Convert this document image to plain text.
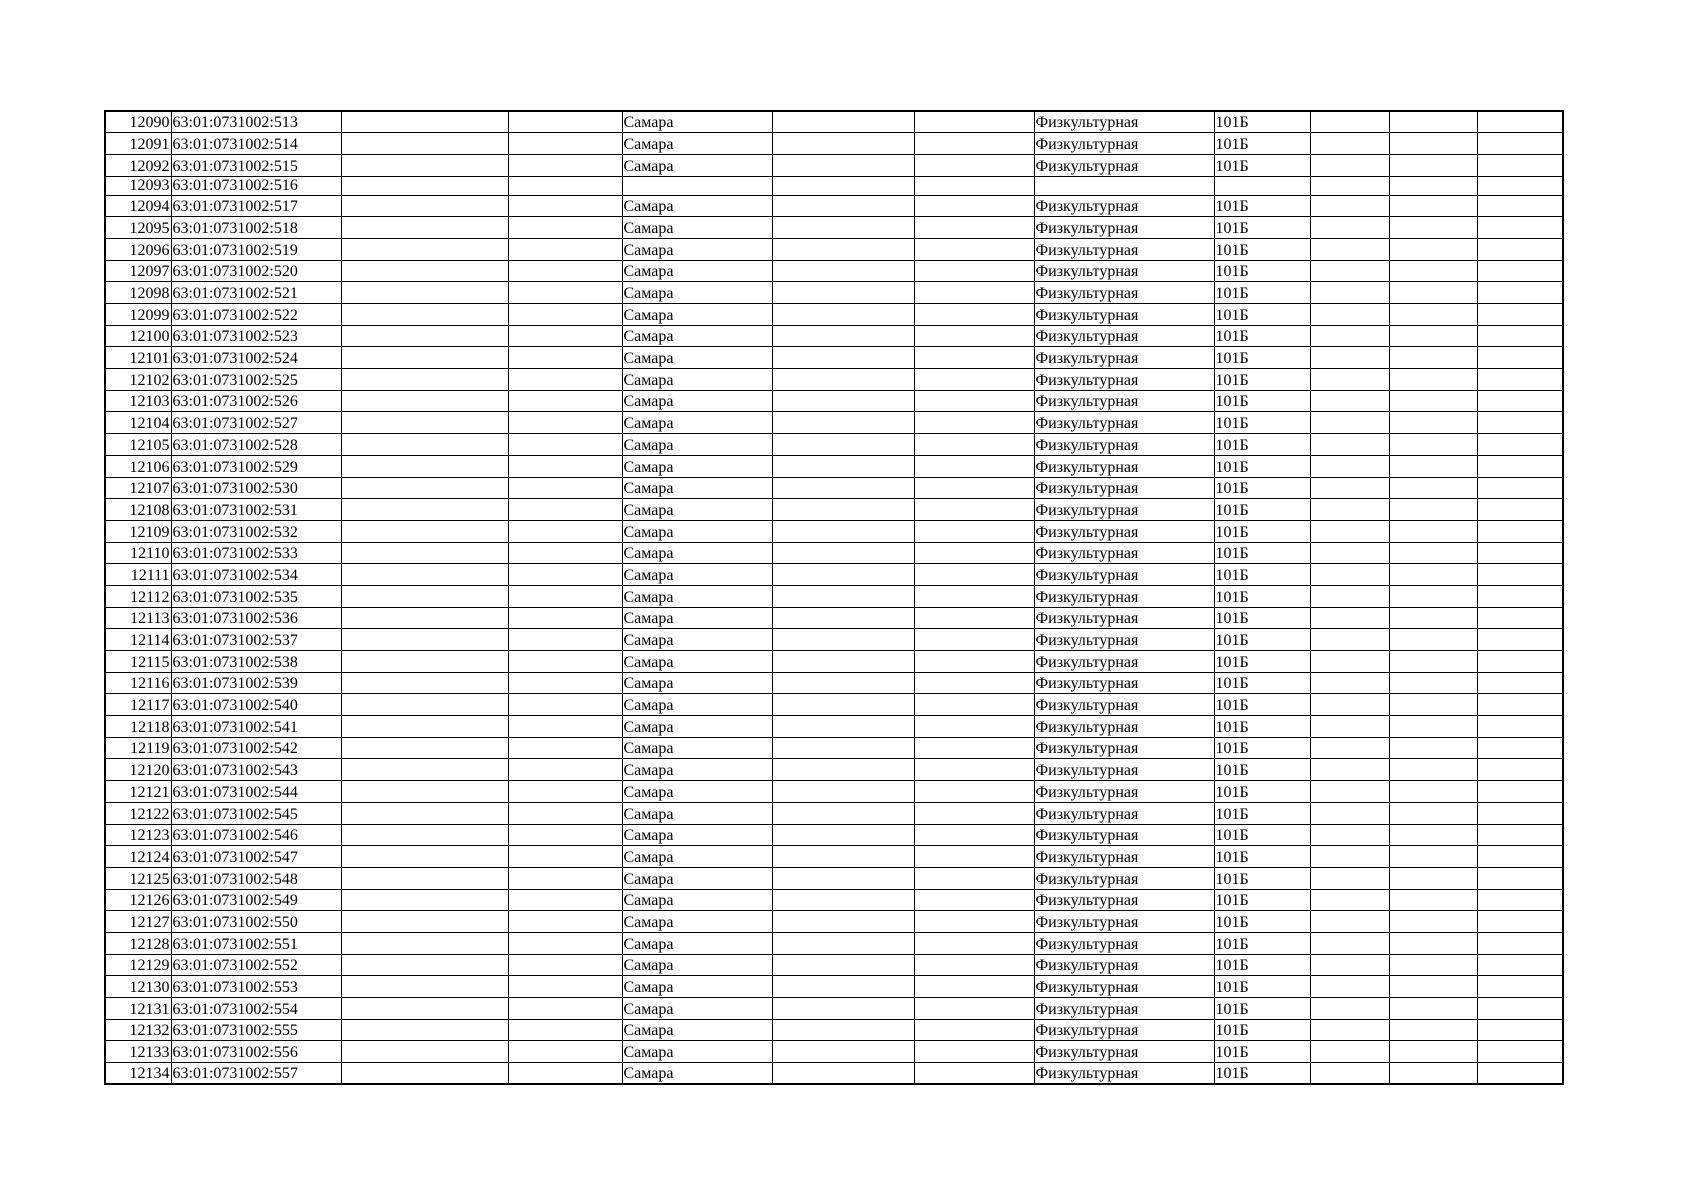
12090	63:01:0731002:513			Самара			Физкультурная	101Б			
12091	63:01:0731002:514			Самара			Физкультурная	101Б			
12092	63:01:0731002:515			Самара			Физкультурная	101Б			
12093	63:01:0731002:516										
12094	63:01:0731002:517			Самара			Физкультурная	101Б			
12095	63:01:0731002:518			Самара			Физкультурная	101Б			
12096	63:01:0731002:519			Самара			Физкультурная	101Б			
12097	63:01:0731002:520			Самара			Физкультурная	101Б			
12098	63:01:0731002:521			Самара			Физкультурная	101Б			
12099	63:01:0731002:522			Самара			Физкультурная	101Б			
12100	63:01:0731002:523			Самара			Физкультурная	101Б			
12101	63:01:0731002:524			Самара			Физкультурная	101Б			
12102	63:01:0731002:525			Самара			Физкультурная	101Б			
12103	63:01:0731002:526			Самара			Физкультурная	101Б			
12104	63:01:0731002:527			Самара			Физкультурная	101Б			
12105	63:01:0731002:528			Самара			Физкультурная	101Б			
12106	63:01:0731002:529			Самара			Физкультурная	101Б			
12107	63:01:0731002:530			Самара			Физкультурная	101Б			
12108	63:01:0731002:531			Самара			Физкультурная	101Б			
12109	63:01:0731002:532			Самара			Физкультурная	101Б			
12110	63:01:0731002:533			Самара			Физкультурная	101Б			
12111	63:01:0731002:534			Самара			Физкультурная	101Б			
12112	63:01:0731002:535			Самара			Физкультурная	101Б			
12113	63:01:0731002:536			Самара			Физкультурная	101Б			
12114	63:01:0731002:537			Самара			Физкультурная	101Б			
12115	63:01:0731002:538			Самара			Физкультурная	101Б			
12116	63:01:0731002:539			Самара			Физкультурная	101Б			
12117	63:01:0731002:540			Самара			Физкультурная	101Б			
12118	63:01:0731002:541			Самара			Физкультурная	101Б			
12119	63:01:0731002:542			Самара			Физкультурная	101Б			
12120	63:01:0731002:543			Самара			Физкультурная	101Б			
12121	63:01:0731002:544			Самара			Физкультурная	101Б			
12122	63:01:0731002:545			Самара			Физкультурная	101Б			
12123	63:01:0731002:546			Самара			Физкультурная	101Б			
12124	63:01:0731002:547			Самара			Физкультурная	101Б			
12125	63:01:0731002:548			Самара			Физкультурная	101Б			
12126	63:01:0731002:549			Самара			Физкультурная	101Б			
12127	63:01:0731002:550			Самара			Физкультурная	101Б			
12128	63:01:0731002:551			Самара			Физкультурная	101Б			
12129	63:01:0731002:552			Самара			Физкультурная	101Б			
12130	63:01:0731002:553			Самара			Физкультурная	101Б			
12131	63:01:0731002:554			Самара			Физкультурная	101Б			
12132	63:01:0731002:555			Самара			Физкультурная	101Б			
12133	63:01:0731002:556			Самара			Физкультурная	101Б			
12134	63:01:0731002:557			Самара			Физкультурная	101Б			
